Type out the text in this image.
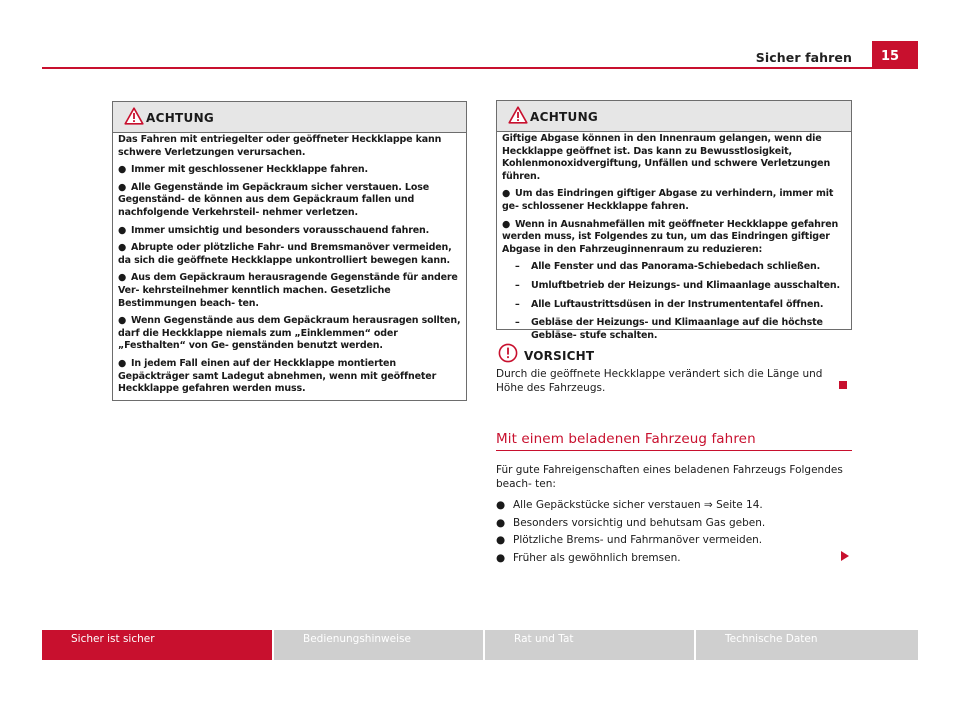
Sicher fahren	15
ACHTUNG

Das Fahren mit entriegelter oder geöffneter Heckklappe kann schwere Verletzungen verursachen.

● Immer mit geschlossener Heckklappe fahren.
● Alle Gegenstände im Gepäckraum sicher verstauen. Lose Gegenständ- de können aus dem Gepäckraum fallen und nachfolgende Verkehrsteil- nehmer verletzen.
● Immer umsichtig und besonders vorausschauend fahren.
● Abrupte oder plötzliche Fahr- und Bremsmanöver vermeiden, da sich die geöffnete Heckklappe unkontrolliert bewegen kann.
● Aus dem Gepäckraum herausragende Gegenstände für andere Ver- kehrsteilnehmer kenntlich machen. Gesetzliche Bestimmungen beach- ten.
● Wenn Gegenstände aus dem Gepäckraum herausragen sollten, darf die Heckklappe niemals zum „Einklemmen“ oder „Festhalten“ von Ge- genständen benutzt werden.
● In jedem Fall einen auf der Heckklappe montierten Gepäckträger samt Ladegut abnehmen, wenn mit geöffneter Heckklappe gefahren werden muss.
ACHTUNG

Giftige Abgase können in den Innenraum gelangen, wenn die Heckklappe geöffnet ist. Das kann zu Bewusstlosigkeit, Kohlenmonoxidvergiftung, Unfällen und schwere Verletzungen führen.

● Um das Eindringen giftiger Abgase zu verhindern, immer mit ge- schlossener Heckklappe fahren.
● Wenn in Ausnahmefällen mit geöffneter Heckklappe gefahren werden muss, ist Folgendes zu tun, um das Eindringen giftiger Abgase in den Fahrzeuginnenraum zu reduzieren:
– Alle Fenster und das Panorama-Schiebedach schließen.
– Umluftbetrieb der Heizungs- und Klimaanlage ausschalten.
– Alle Luftaustrittsdüsen in der Instrumententafel öffnen.
– Gebläse der Heizungs- und Klimaanlage auf die höchste Gebläse- stufe schalten.
VORSICHT
Durch die geöffnete Heckklappe verändert sich die Länge und Höhe des Fahrzeugs.
Mit einem beladenen Fahrzeug fahren
Für gute Fahreigenschaften eines beladenen Fahrzeugs Folgendes beach- ten:
● Alle Gepäckstücke sicher verstauen ⇒ Seite 14.
● Besonders vorsichtig und behutsam Gas geben.
● Plötzliche Brems- und Fahrmanöver vermeiden.
● Früher als gewöhnlich bremsen.
Sicher ist sicher	Bedienungshinweise	Rat und Tat	Technische Daten
